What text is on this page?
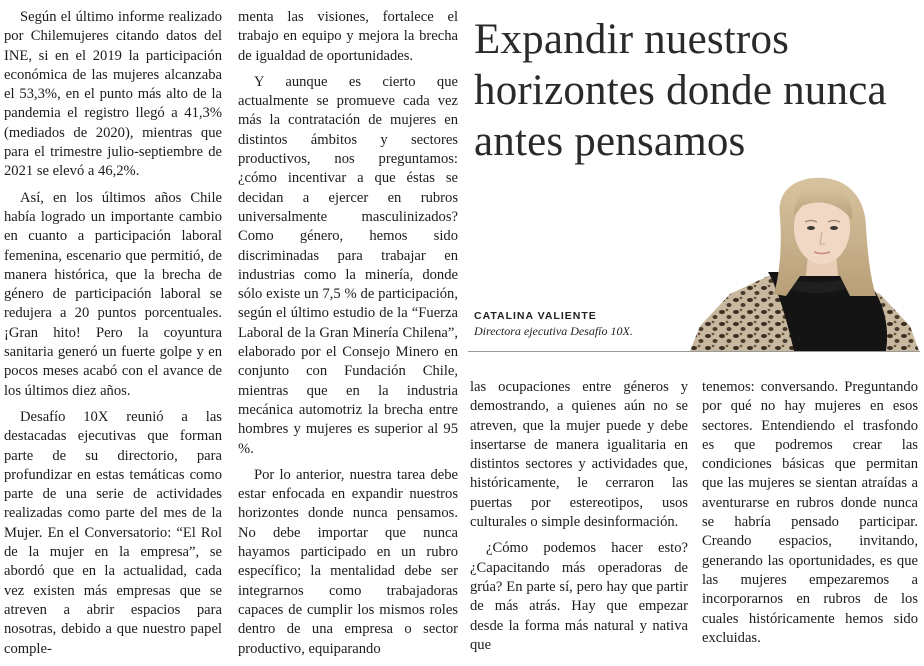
Según el último informe realizado por Chilemujeres citando datos del INE, si en el 2019 la participación económica de las mujeres alcanzaba el 53,3%, en el punto más alto de la pandemia el registro llegó a 41,3% (mediados de 2020), mientras que para el trimestre julio-septiembre de 2021 se elevó a 46,2%.

Así, en los últimos años Chile había logrado un importante cambio en cuanto a participación laboral femenina, escenario que permitió, de manera histórica, que la brecha de género de participación laboral se redujera a 20 puntos porcentuales. ¡Gran hito! Pero la coyuntura sanitaria generó un fuerte golpe y en pocos meses acabó con el avance de los últimos diez años.

Desafío 10X reunió a las destacadas ejecutivas que forman parte de su directorio, para profundizar en estas temáticas como parte de una serie de actividades realizadas como parte del mes de la Mujer. En el Conversatorio: “El Rol de la mujer en la empresa”, se abordó que en la actualidad, cada vez existen más empresas que se atreven a abrir espacios para nosotras, debido a que nuestro papel comple-

menta las visiones, fortalece el trabajo en equipo y mejora la brecha de igualdad de oportunidades.

Y aunque es cierto que actualmente se promueve cada vez más la contratación de mujeres en distintos ámbitos y sectores productivos, nos preguntamos: ¿cómo incentivar a que éstas se decidan a ejercer en rubros universalmente masculinizados? Como género, hemos sido discriminadas para trabajar en industrias como la minería, donde sólo existe un 7,5 % de participación, según el último estudio de la “Fuerza Laboral de la Gran Minería Chilena”, elaborado por el Consejo Minero en conjunto con Fundación Chile, mientras que en la industria mecánica automotriz la brecha entre hombres y mujeres es superior al 95 %.

Por lo anterior, nuestra tarea debe estar enfocada en expandir nuestros horizontes donde nunca pensamos. No debe importar que nunca hayamos participado en un rubro específico; la mentalidad debe ser integrarnos como trabajadoras capaces de cumplir los mismos roles dentro de una empresa o sector productivo, equiparando

Expandir nuestros horizontes donde nunca antes pensamos
CATALINA VALIENTE
Directora ejecutiva Desafío 10X.

las ocupaciones entre géneros y demostrando, a quienes aún no se atreven, que la mujer puede y debe insertarse de manera igualitaria en distintos sectores y actividades que, históricamente, le cerraron las puertas por estereotipos, usos culturales o simple desinformación.

¿Cómo podemos hacer esto? ¿Capacitando más operadoras de grúa? En parte sí, pero hay que partir de más atrás. Hay que empezar desde la forma más natural y nativa que

tenemos: conversando. Preguntando por qué no hay mujeres en esos sectores. Entendiendo el trasfondo es que podremos crear las condiciones básicas que permitan que las mujeres se sientan atraídas a aventurarse en rubros donde nunca se habría pensado participar. Creando espacios, invitando, generando las oportunidades, es que las mujeres empezaremos a incorporarnos en rubros de los cuales históricamente hemos sido excluidas.
